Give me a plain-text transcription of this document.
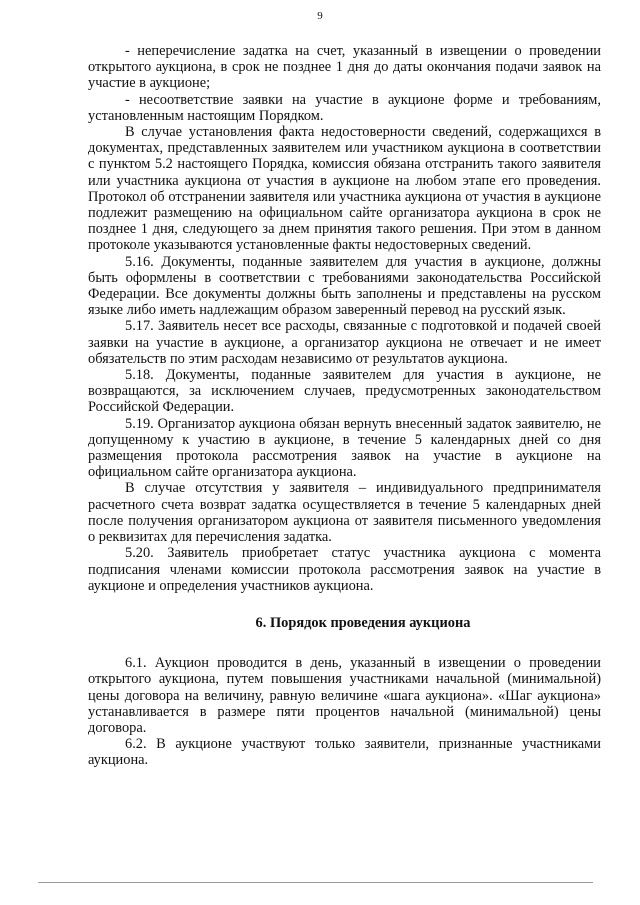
9

- неперечисление задатка на счет, указанный в извещении о проведении открытого аукциона, в срок не позднее 1 дня до даты окончания подачи заявок на участие в аукционе;

- несоответствие заявки на участие в аукционе форме и требованиям, установленным настоящим Порядком.

В случае установления факта недостоверности сведений, содержащихся в документах, представленных заявителем или участником аукциона в соответствии с пунктом 5.2 настоящего Порядка, комиссия обязана отстранить такого заявителя или участника аукциона от участия в аукционе на любом этапе его проведения. Протокол об отстранении заявителя или участника аукциона от участия в аукционе подлежит размещению на официальном сайте организатора аукциона в срок не позднее 1 дня, следующего за днем принятия такого решения. При этом в данном протоколе указываются установленные факты недостоверных сведений.

5.16. Документы, поданные заявителем для участия в аукционе, должны быть оформлены в соответствии с требованиями законодательства Российской Федерации. Все документы должны быть заполнены и представлены на русском языке либо иметь надлежащим образом заверенный перевод на русский язык.

5.17. Заявитель несет все расходы, связанные с подготовкой и подачей своей заявки на участие в аукционе, а организатор аукциона не отвечает и не имеет обязательств по этим расходам независимо от результатов аукциона.

5.18. Документы, поданные заявителем для участия в аукционе, не возвращаются, за исключением случаев, предусмотренных законодательством Российской Федерации.

5.19. Организатор аукциона обязан вернуть внесенный задаток заявителю, не допущенному к участию в аукционе, в течение 5 календарных дней со дня размещения протокола рассмотрения заявок на участие в аукционе на официальном сайте организатора аукциона.

В случае отсутствия у заявителя – индивидуального предпринимателя расчетного счета возврат задатка осуществляется в течение 5 календарных дней после получения организатором аукциона от заявителя письменного уведомления о реквизитах для перечисления задатка.

5.20. Заявитель приобретает статус участника аукциона с момента подписания членами комиссии протокола рассмотрения заявок на участие в аукционе и определения участников аукциона.

6. Порядок проведения аукциона

6.1. Аукцион проводится в день, указанный в извещении о проведении открытого аукциона, путем повышения участниками начальной (минимальной) цены договора на величину, равную величине «шага аукциона». «Шаг аукциона» устанавливается в размере пяти процентов начальной (минимальной) цены договора.

6.2. В аукционе участвуют только заявители, признанные участниками аукциона.
